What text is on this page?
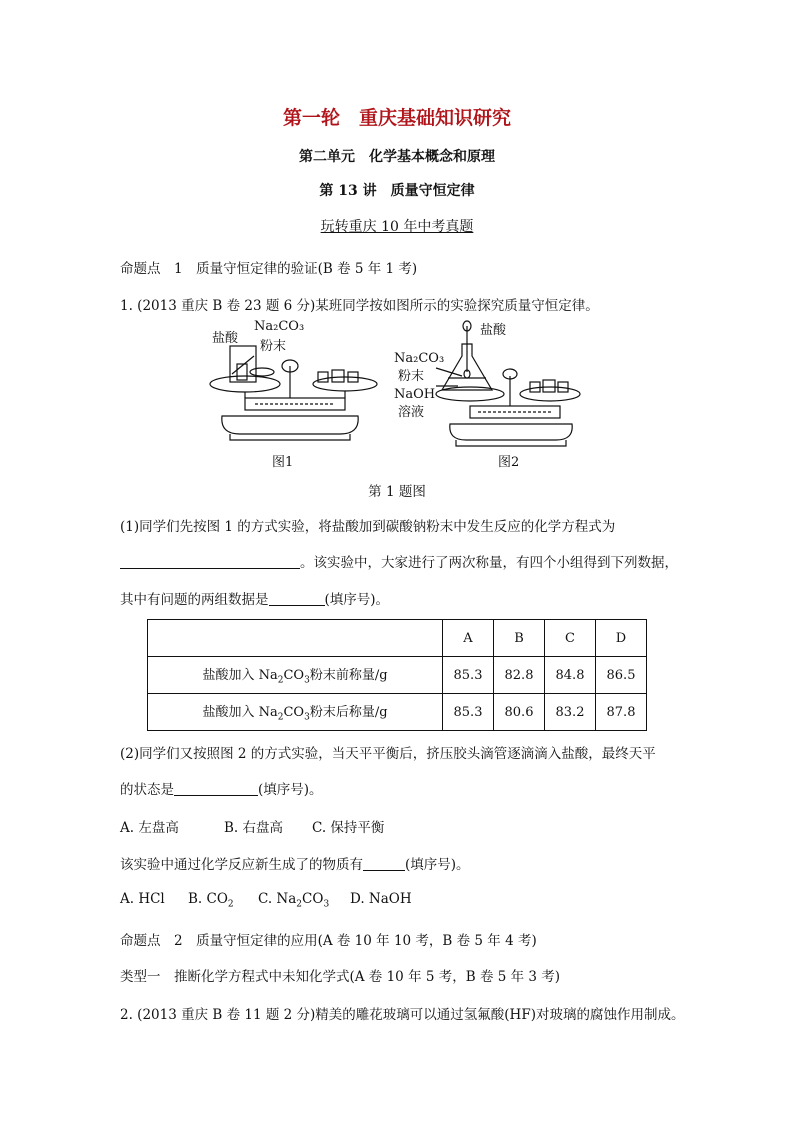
第一轮　重庆基础知识研究
第二单元　化学基本概念和原理
第 13 讲　质量守恒定律
玩转重庆 10 年中考真题
命题点　1　质量守恒定律的验证(B 卷 5 年 1 考)
1. (2013 重庆 B 卷 23 题 6 分)某班同学按如图所示的实验探究质量守恒定律。
盐酸
Na₂CO₃
粉末
图1
盐酸
Na₂CO₃
粉末
NaOH
溶液
图2
第 1 题图
(1)同学们先按图 1 的方式实验，将盐酸加到碳酸钠粉末中发生反应的化学方程式为
。该实验中，大家进行了两次称量，有四个小组得到下列数据，
其中有问题的两组数据是	(填序号)。
	A	B	C	D
盐酸加入 $Na_2CO_3$粉末前称量/g	85.3	82.8	84.8	86.5
盐酸加入 $Na_2CO_3$粉末后称量/g	85.3	80.6	83.2	87.8
(2)同学们又按照图 2 的方式实验，当天平平衡后，挤压胶头滴管逐滴滴入盐酸，最终天平
的状态是	(填序号)。
A. 左盘高	B. 右盘高 C. 保持平衡
该实验中通过化学反应新生成了的物质有	(填序号)。
A. HCl B. $CO_2$ C. $Na_2CO_3$ D. NaOH
命题点　2　质量守恒定律的应用(A 卷 10 年 10 考，B 卷 5 年 4 考)
类型一　推断化学方程式中未知化学式(A 卷 10 年 5 考，B 卷 5 年 3 考)
2. (2013 重庆 B 卷 11 题 2 分)精美的雕花玻璃可以通过氢氟酸(HF)对玻璃的腐蚀作用制成。
